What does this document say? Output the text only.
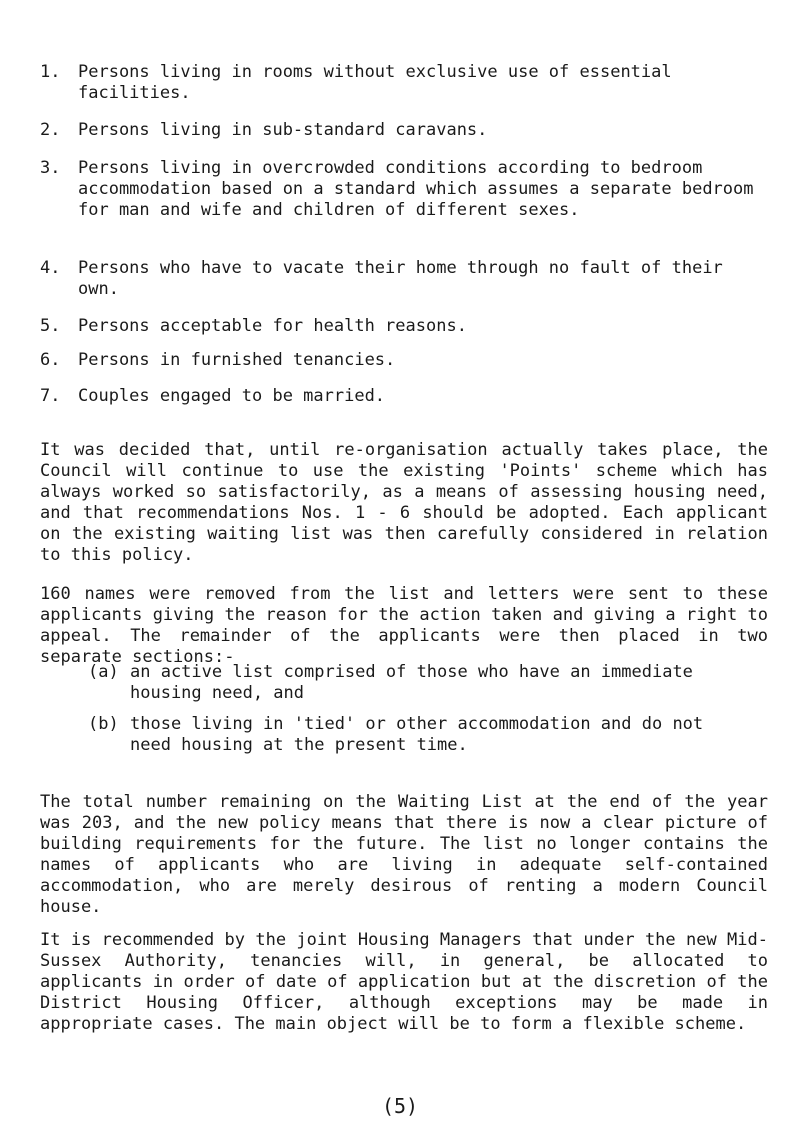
1.	Persons living in rooms without exclusive use of essential facilities.
2.	Persons living in sub-standard caravans.
3.	Persons living in overcrowded conditions according to bedroom accommodation based on a standard which assumes a separate bedroom for man and wife and children of different sexes.
4.	Persons who have to vacate their home through no fault of their own.
5.	Persons acceptable for health reasons.
6.	Persons in furnished tenancies.
7.	Couples engaged to be married.

It was decided that, until re-organisation actually takes place, the Council will continue to use the existing 'Points' scheme which has always worked so satisfactorily, as a means of assessing housing need, and that recommendations Nos. 1 - 6 should be adopted. Each applicant on the existing waiting list was then carefully considered in relation to this policy.

160 names were removed from the list and letters were sent to these applicants giving the reason for the action taken and giving a right to appeal. The remainder of the applicants were then placed in two separate sections:-

(a) an active list comprised of those who have an immediate housing need, and
(b) those living in 'tied' or other accommodation and do not need housing at the present time.

The total number remaining on the Waiting List at the end of the year was 203, and the new policy means that there is now a clear picture of building requirements for the future. The list no longer contains the names of applicants who are living in adequate self-contained accommodation, who are merely desirous of renting a modern Council house.

It is recommended by the joint Housing Managers that under the new Mid-Sussex Authority, tenancies will, in general, be allocated to applicants in order of date of application but at the discretion of the District Housing Officer, although exceptions may be made in appropriate cases. The main object will be to form a flexible scheme.

(5)
